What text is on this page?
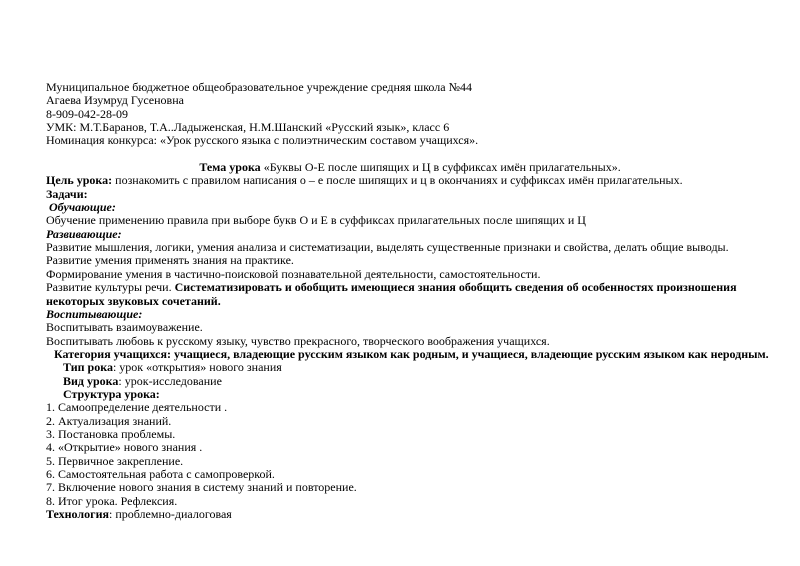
Муниципальное бюджетное общеобразовательное учреждение средняя школа №44
Агаева Изумруд Гусеновна
8-909-042-28-09
УМК: М.Т.Баранов, Т.А..Ладыженская, Н.М.Шанский «Русский язык», класс 6
Номинация конкурса: «Урок русского языка с полиэтническим составом учащихся».

Тема урока «Буквы О-Е после шипящих и Ц в суффиксах имён прилагательных».
Цель урока: познакомить с правилом написания о – е после шипящих и ц в окончаниях и суффиксах имён прилагательных.
Задачи:
Обучающие:
Обучение применению правила при выборе букв О и Е в суффиксах прилагательных после шипящих и Ц
Развивающие:
Развитие мышления, логики, умения анализа и систематизации, выделять существенные признаки и свойства, делать общие выводы.
Развитие умения применять знания на практике.
Формирование умения в частично-поисковой познавательной деятельности, самостоятельности.
Развитие культуры речи. Систематизировать и обобщить имеющиеся знания обобщить сведения об особенностях произношения
некоторых звуковых сочетаний.
Воспитывающие:
Воспитывать взаимоуважение.
Воспитывать любовь к русскому языку, чувство прекрасного, творческого воображения учащихся.
Категория учащихся: учащиеся, владеющие русским языком как родным, и учащиеся, владеющие русским языком как неродным.
Тип рока: урок «открытия» нового знания
Вид урока: урок-исследование
Структура урока:
1. Самоопределение деятельности .
2. Актуализация знаний.
3. Постановка проблемы.
4. «Открытие» нового знания .
5. Первичное закрепление.
6. Самостоятельная работа с самопроверкой.
7. Включение нового знания в систему знаний и повторение.
8. Итог урока. Рефлексия.
Технология: проблемно-диалоговая
